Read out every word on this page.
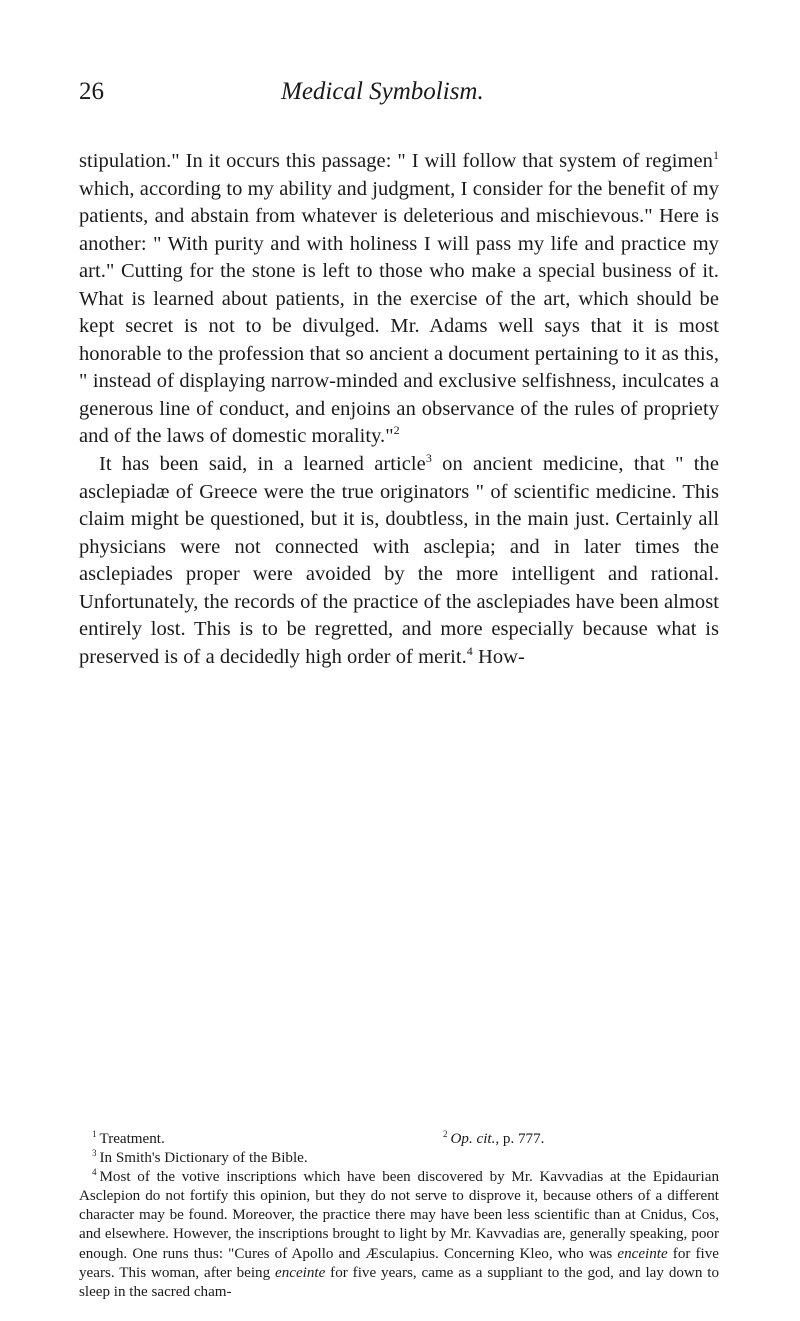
26	Medical Symbolism.

stipulation." In it occurs this passage: " I will follow that system of regimen$^1$ which, according to my ability and judgment, I consider for the benefit of my patients, and abstain from whatever is deleterious and mischievous." Here is another: " With purity and with holiness I will pass my life and practice my art." Cutting for the stone is left to those who make a special business of it. What is learned about patients, in the exercise of the art, which should be kept secret is not to be divulged. Mr. Adams well says that it is most honorable to the profession that so ancient a document pertaining to it as this, " instead of displaying narrow-minded and exclusive selfishness, inculcates a generous line of conduct, and enjoins an observance of the rules of propriety and of the laws of domestic morality."$^2$

It has been said, in a learned article$^3$ on ancient medicine, that " the asclepiadæ of Greece were the true originators " of scientific medicine. This claim might be questioned, but it is, doubtless, in the main just. Certainly all physicians were not connected with asclepia; and in later times the asclepiades proper were avoided by the more intelligent and rational. Unfortunately, the records of the practice of the asclepiades have been almost entirely lost. This is to be regretted, and more especially because what is preserved is of a decidedly high order of merit.$^4$ How-

$^1$ Treatment.	$^2$ Op. cit., p. 777.

$^3$ In Smith's Dictionary of the Bible.

$^4$ Most of the votive inscriptions which have been discovered by Mr. Kavvadias at the Epidaurian Asclepion do not fortify this opinion, but they do not serve to disprove it, because others of a different character may be found. Moreover, the practice there may have been less scientific than at Cnidus, Cos, and elsewhere. However, the inscriptions brought to light by Mr. Kavvadias are, generally speaking, poor enough. One runs thus: "Cures of Apollo and Æsculapius. Concerning Kleo, who was enceinte for five years. This woman, after being enceinte for five years, came as a suppliant to the god, and lay down to sleep in the sacred cham-
